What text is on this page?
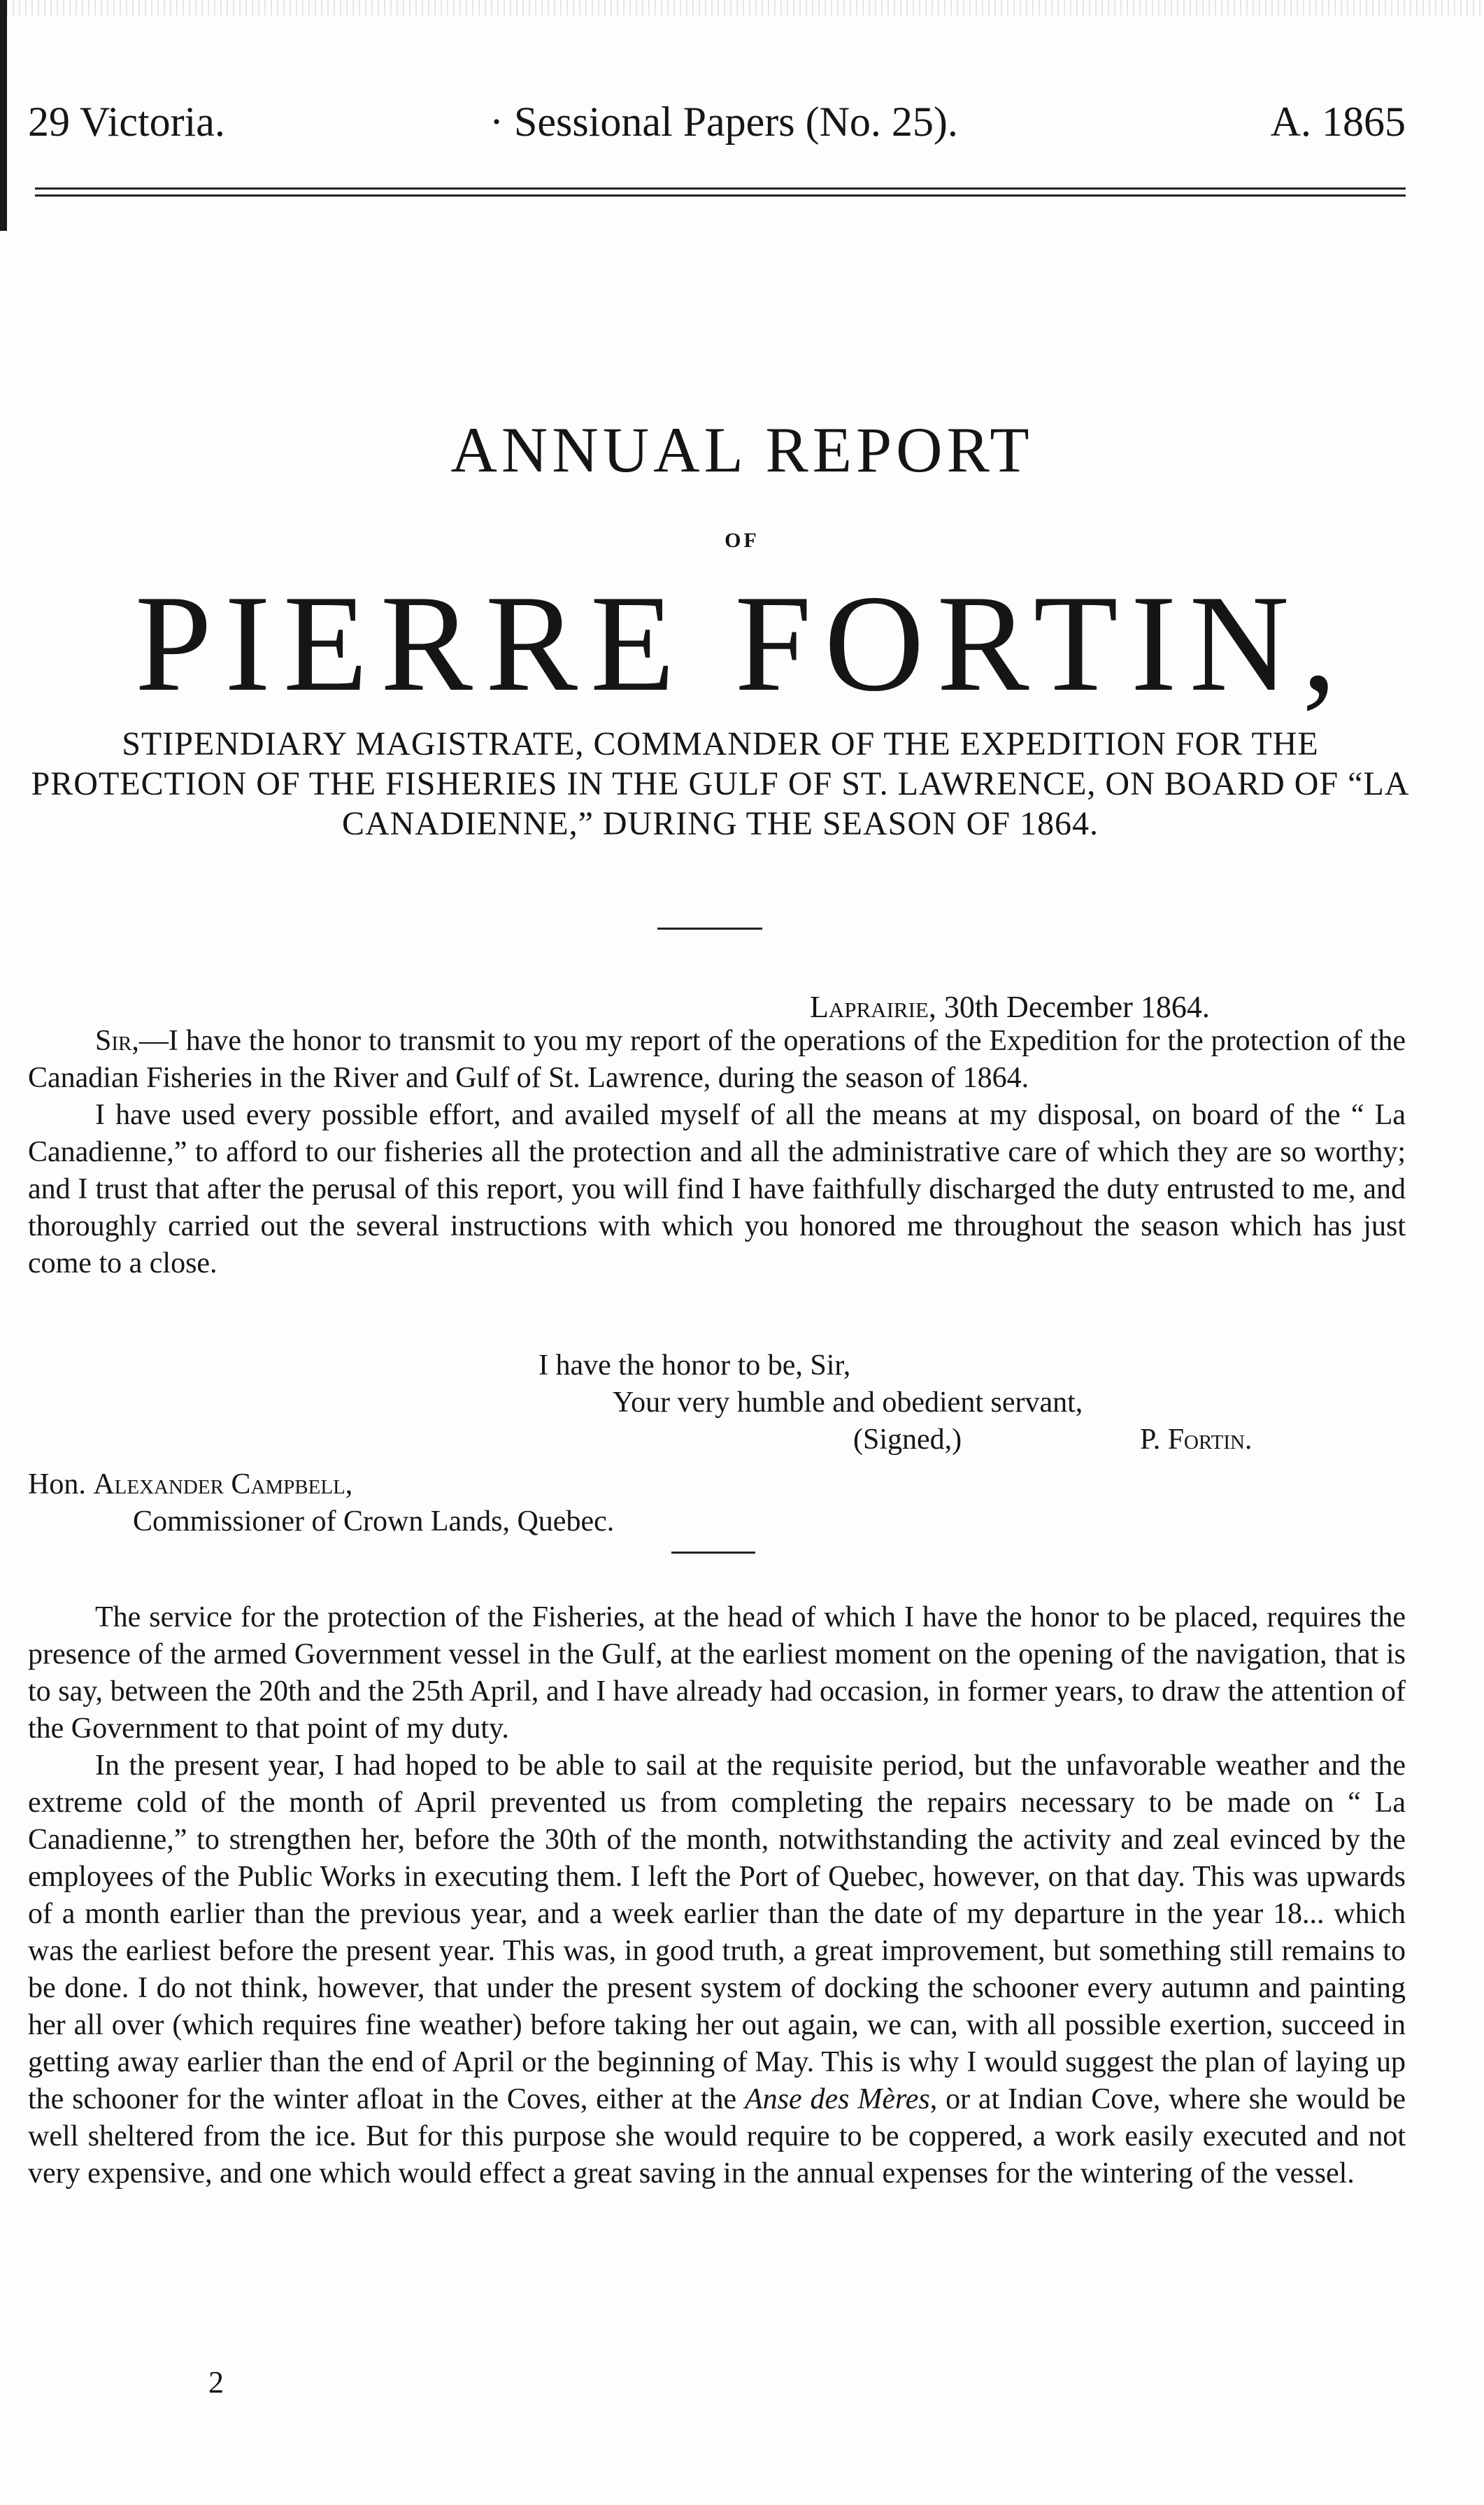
29 Victoria.	· Sessional Papers (No. 25).	A. 1865
ANNUAL REPORT
OF
PIERRE FORTIN,
STIPENDIARY MAGISTRATE, COMMANDER OF THE EXPEDITION FOR THE PROTECTION OF THE FISHERIES IN THE GULF OF ST. LAWRENCE, ON BOARD OF “LA CANADIENNE,” DURING THE SEASON OF 1864.
Laprairie, 30th December 1864.

Sir,—I have the honor to transmit to you my report of the operations of the Expedition for the protection of the Canadian Fisheries in the River and Gulf of St. Lawrence, during the season of 1864.

I have used every possible effort, and availed myself of all the means at my disposal, on board of the “ La Canadienne,” to afford to our fisheries all the protection and all the administrative care of which they are so worthy; and I trust that after the perusal of this report, you will find I have faithfully discharged the duty entrusted to me, and thoroughly carried out the several instructions with which you honored me throughout the season which has just come to a close.

I have the honor to be, Sir,
Your very humble and obedient servant,
(Signed,)	P. Fortin.
Hon. Alexander Campbell,
Commissioner of Crown Lands, Quebec.

The service for the protection of the Fisheries, at the head of which I have the honor to be placed, requires the presence of the armed Government vessel in the Gulf, at the earliest moment on the opening of the navigation, that is to say, between the 20th and the 25th April, and I have already had occasion, in former years, to draw the attention of the Government to that point of my duty.

In the present year, I had hoped to be able to sail at the requisite period, but the unfavorable weather and the extreme cold of the month of April prevented us from completing the repairs necessary to be made on “ La Canadienne,” to strengthen her, before the 30th of the month, notwithstanding the activity and zeal evinced by the employees of the Public Works in executing them. I left the Port of Quebec, however, on that day. This was upwards of a month earlier than the previous year, and a week earlier than the date of my departure in the year 18... which was the earliest before the present year. This was, in good truth, a great improvement, but something still remains to be done. I do not think, however, that under the present system of docking the schooner every autumn and painting her all over (which requires fine weather) before taking her out again, we can, with all possible exertion, succeed in getting away earlier than the end of April or the beginning of May. This is why I would suggest the plan of laying up the schooner for the winter afloat in the Coves, either at the Anse des Mères, or at Indian Cove, where she would be well sheltered from the ice. But for this purpose she would require to be coppered, a work easily executed and not very expensive, and one which would effect a great saving in the annual expenses for the wintering of the vessel.

2
